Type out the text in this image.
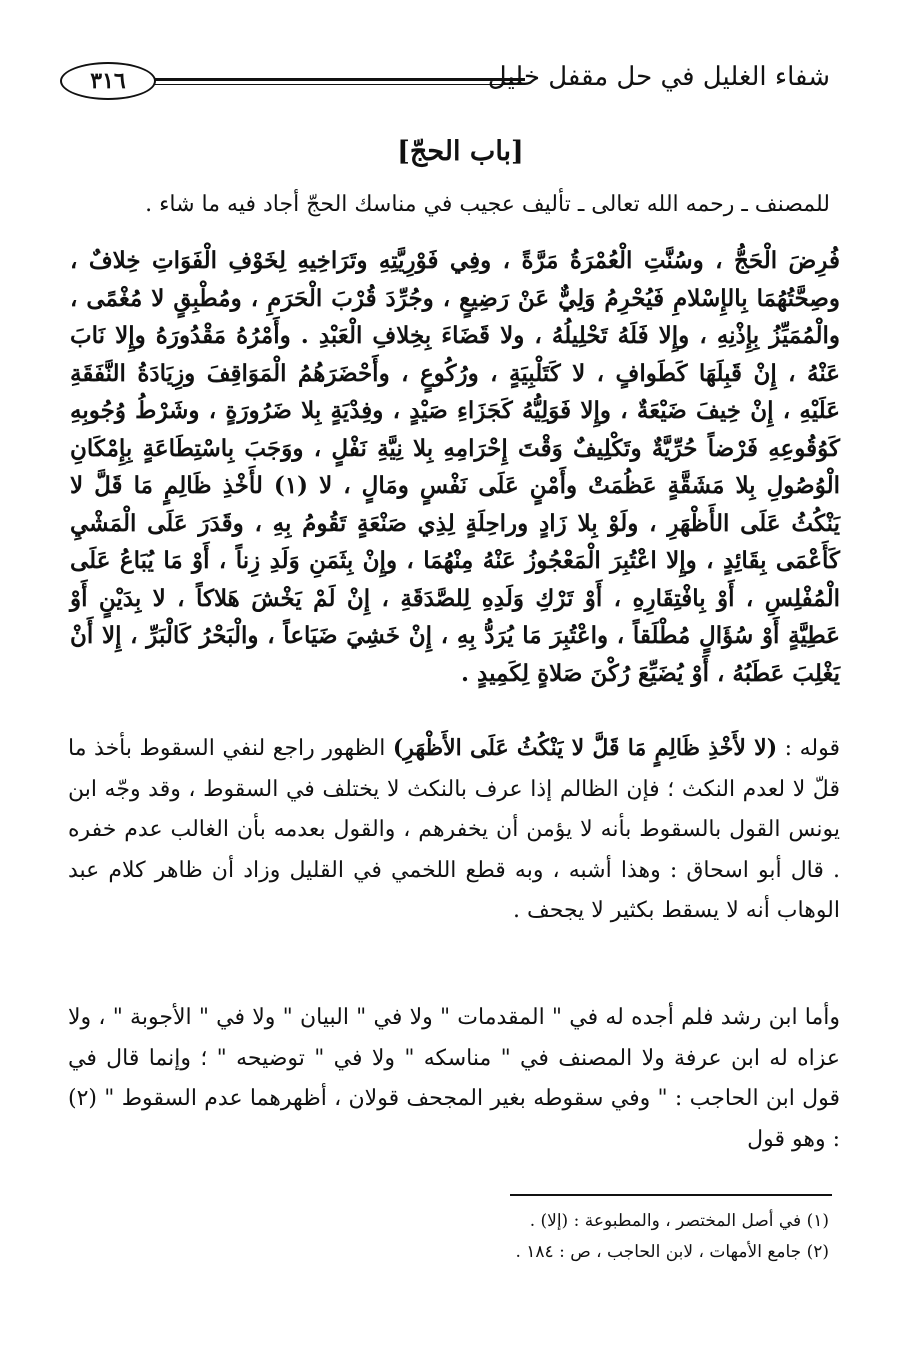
٣١٦	شفاء الغليل في حل مقفل خليل
[باب الحجّ]
للمصنف ـ رحمه الله تعالى ـ تأليف عجيب في مناسك الحجّ أجاد فيه ما شاء .
فُرِضَ الْحَجُّ ، وسُنَّتِ الْعُمْرَةُ مَرَّةً ، وفِي فَوْرِيَّتِهِ وتَرَاخِيهِ لِخَوْفِ الْفَوَاتِ خِلافٌ ، وصِحَّتُهُمَا بِالإِسْلامِ فَيُحْرِمُ وَلِيٌّ عَنْ رَضِيعٍ ، وجُرِّدَ قُرْبَ الْحَرَمِ ، ومُطْبِقٍ لا مُغْمًى ، والْمُمَيِّزُ بِإِذْنِهِ ، وإِلا فَلَهُ تَحْلِيلُهُ ، ولا قَضَاءَ بِخِلافِ الْعَبْدِ . وأَمْرُهُ مَقْدُورَهُ وإِلا نَابَ عَنْهُ ، إِنْ قَبِلَهَا كَطَوافٍ ، لا كَتَلْبِيَةٍ ، ورُكُوعٍ ، وأَحْضَرَهُمُ الْمَوَاقِفَ وزِيَادَةُ النَّفَقَةِ عَلَيْهِ ، إِنْ خِيفَ ضَيْعَةٌ ، وإِلا فَوَلِيُّهُ كَجَزَاءِ صَيْدٍ ، وفِدْيَةٍ بِلا ضَرُورَةٍ ، وشَرْطُ وُجُوبِهِ كَوُقُوعِهِ فَرْضاً حُرِّيَّةٌ وتَكْلِيفٌ وَقْتَ إِحْرَامِهِ بِلا نِيَّةِ نَفْلٍ ، ووَجَبَ بِاسْتِطَاعَةٍ بِإِمْكَانِ الْوُصُولِ بِلا مَشَقَّةٍ عَظُمَتْ وأَمْنٍ عَلَى نَفْسٍ ومَالٍ ، لا (١) لأَخْذِ ظَالِمٍ مَا قَلَّ لا يَنْكُثُ عَلَى الأَظْهَرِ ، ولَوْ بِلا زَادٍ وراحِلَةٍ لِذِي صَنْعَةٍ تَقُومُ بِهِ ، وقَدَرَ عَلَى الْمَشْيِ كَأَعْمَى بِقَائِدٍ ، وإِلا اعْتُبِرَ الْمَعْجُوزُ عَنْهُ مِنْهُمَا ، وإِنْ بِثَمَنِ وَلَدِ زِناً ، أَوْ مَا يُبَاعُ عَلَى الْمُفْلِسِ ، أَوْ بِافْتِقَارِهِ ، أَوْ تَرْكِ وَلَدِهِ لِلصَّدَقَةِ ، إِنْ لَمْ يَخْشَ هَلاكاً ، لا بِدَيْنٍ أَوْ عَطِيَّةٍ أَوْ سُؤَالٍ مُطْلَقاً ، واعْتُبِرَ مَا يُرَدُّ بِهِ ، إِنْ خَشِيَ ضَيَاعاً ، والْبَحْرُ كَالْبَرِّ ، إِلا أَنْ يَغْلِبَ عَطَبُهُ ، أَوْ يُضَيِّعَ رُكْنَ صَلاةٍ لِكَمِيدٍ .
قوله : (لا لأَخْذِ ظَالِمٍ مَا قَلَّ لا يَنْكُثُ عَلَى الأَظْهَرِ) الظهور راجع لنفي السقوط بأخذ ما قلّ لا لعدم النكث ؛ فإن الظالم إذا عرف بالنكث لا يختلف في السقوط ، وقد وجّه ابن يونس القول بالسقوط بأنه لا يؤمن أن يخفرهم ، والقول بعدمه بأن الغالب عدم خفره . قال أبو اسحاق : وهذا أشبه ، وبه قطع اللخمي في القليل وزاد أن ظاهر كلام عبد الوهاب أنه لا يسقط بكثير لا يجحف .
وأما ابن رشد فلم أجده له في " المقدمات " ولا في " البيان " ولا في " الأجوبة " ، ولا عزاه له ابن عرفة ولا المصنف في " مناسكه " ولا في " توضيحه " ؛ وإنما قال في قول ابن الحاجب : " وفي سقوطه بغير المجحف قولان ، أظهرهما عدم السقوط " (٢) : وهو قول
(١) في أصل المختصر ، والمطبوعة : (إلا) .
(٢) جامع الأمهات ، لابن الحاجب ، ص : ١٨٤ .
